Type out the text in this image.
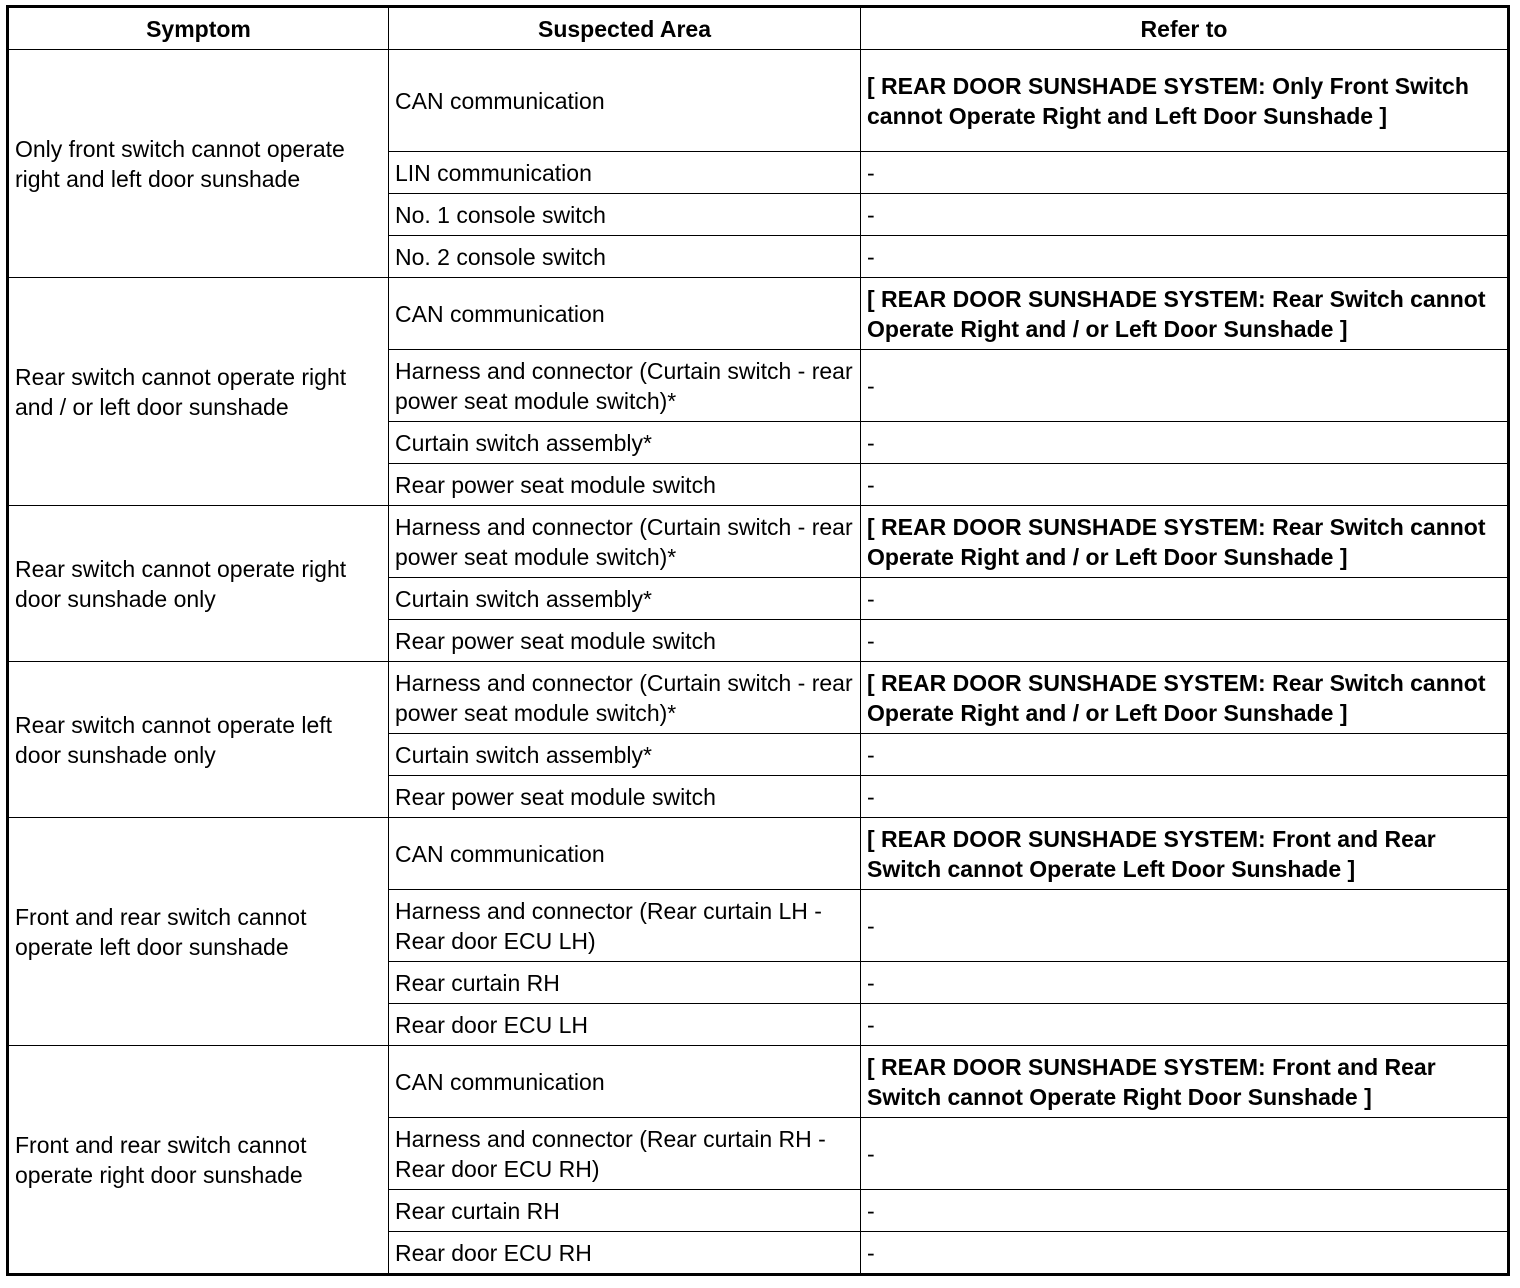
Symptom	Suspected Area	Refer to
Only front switch cannot operate right and left door sunshade	CAN communication	[ REAR DOOR SUNSHADE SYSTEM: Only Front Switch cannot Operate Right and Left Door Sunshade ]
	LIN communication	-
	No. 1 console switch	-
	No. 2 console switch	-
Rear switch cannot operate right and / or left door sunshade	CAN communication	[ REAR DOOR SUNSHADE SYSTEM: Rear Switch cannot Operate Right and / or Left Door Sunshade ]
	Harness and connector (Curtain switch - rear power seat module switch)*	-
	Curtain switch assembly*	-
	Rear power seat module switch	-
Rear switch cannot operate right door sunshade only	Harness and connector (Curtain switch - rear power seat module switch)*	[ REAR DOOR SUNSHADE SYSTEM: Rear Switch cannot Operate Right and / or Left Door Sunshade ]
	Curtain switch assembly*	-
	Rear power seat module switch	-
Rear switch cannot operate left door sunshade only	Harness and connector (Curtain switch - rear power seat module switch)*	[ REAR DOOR SUNSHADE SYSTEM: Rear Switch cannot Operate Right and / or Left Door Sunshade ]
	Curtain switch assembly*	-
	Rear power seat module switch	-
Front and rear switch cannot operate left door sunshade	CAN communication	[ REAR DOOR SUNSHADE SYSTEM: Front and Rear Switch cannot Operate Left Door Sunshade ]
	Harness and connector (Rear curtain LH - Rear door ECU LH)	-
	Rear curtain RH	-
	Rear door ECU LH	-
Front and rear switch cannot operate right door sunshade	CAN communication	[ REAR DOOR SUNSHADE SYSTEM: Front and Rear Switch cannot Operate Right Door Sunshade ]
	Harness and connector (Rear curtain RH - Rear door ECU RH)	-
	Rear curtain RH	-
	Rear door ECU RH	-
